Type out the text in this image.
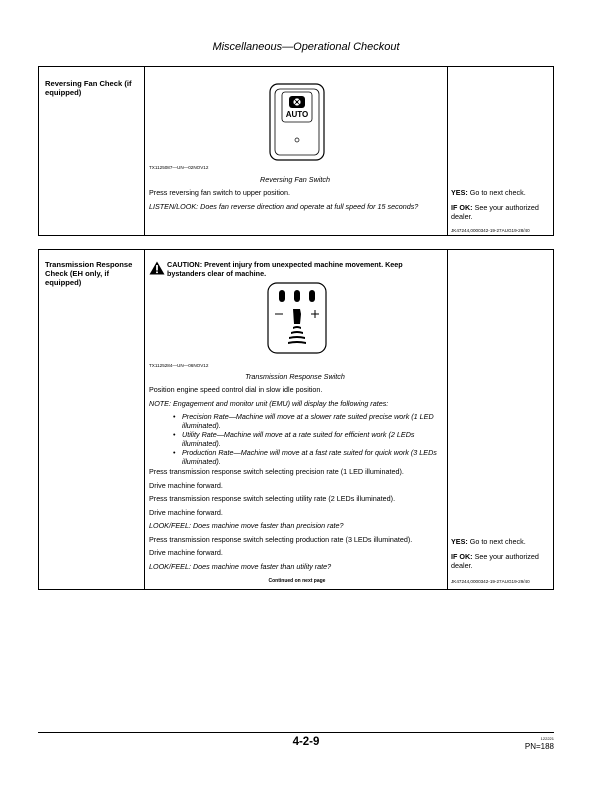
Miscellaneous—Operational Checkout
Reversing Fan Check (if equipped)
AUTO
TX1125087—UN—02NOV12
Reversing Fan Switch
Press reversing fan switch to upper position.
LISTEN/LOOK: Does fan reverse direction and operate at full speed for 15 seconds?
YES: Go to next check.
IF OK: See your authorized dealer.
JK47244,0000342-19-27AUG19-28/40
Transmission Response Check (EH only, if equipped)
CAUTION: Prevent injury from unexpected machine movement. Keep bystanders clear of machine.
TX1125284—UN—06NOV12
Transmission Response Switch
Position engine speed control dial in slow idle position.
NOTE: Engagement and monitor unit (EMU) will display the following rates:
• Precision Rate—Machine will move at a slower rate suited precise work (1 LED illuminated).
• Utility Rate—Machine will move at a rate suited for efficient work (2 LEDs illuminated).
• Production Rate—Machine will move at a fast rate suited for quick work (3 LEDs illuminated).
Press transmission response switch selecting precision rate (1 LED illuminated).
Drive machine forward.
Press transmission response switch selecting utility rate (2 LEDs illuminated).
Drive machine forward.
LOOK/FEEL: Does machine move faster than precision rate?
Press transmission response switch selecting production rate (3 LEDs illuminated).
Drive machine forward.
LOOK/FEEL: Does machine move faster than utility rate?
YES: Go to next check.
IF OK: See your authorized dealer.
Continued on next page	JK47244,0000342-19-27AUG19-29/40
4-2-9	122221
PN=188
